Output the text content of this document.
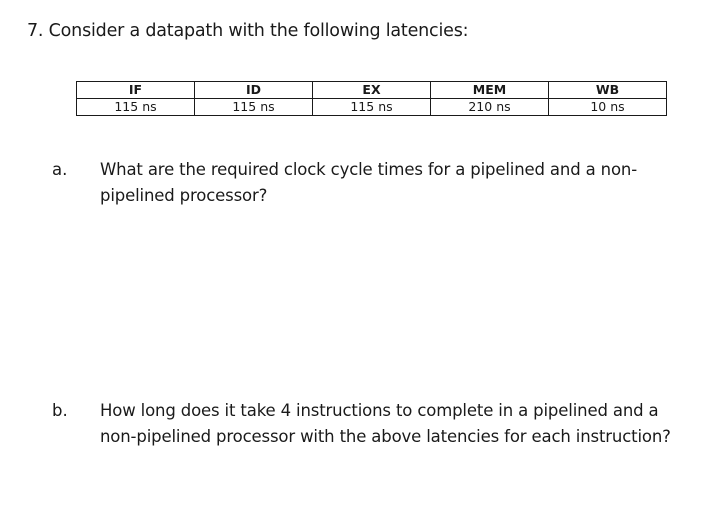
7. Consider a datapath with the following latencies:
IF	ID	EX	MEM	WB
115 ns	115 ns	115 ns	210 ns	10 ns
a. What are the required clock cycle times for a pipelined and a non-pipelined processor?
b. How long does it take 4 instructions to complete in a pipelined and a non-pipelined processor with the above latencies for each instruction?
